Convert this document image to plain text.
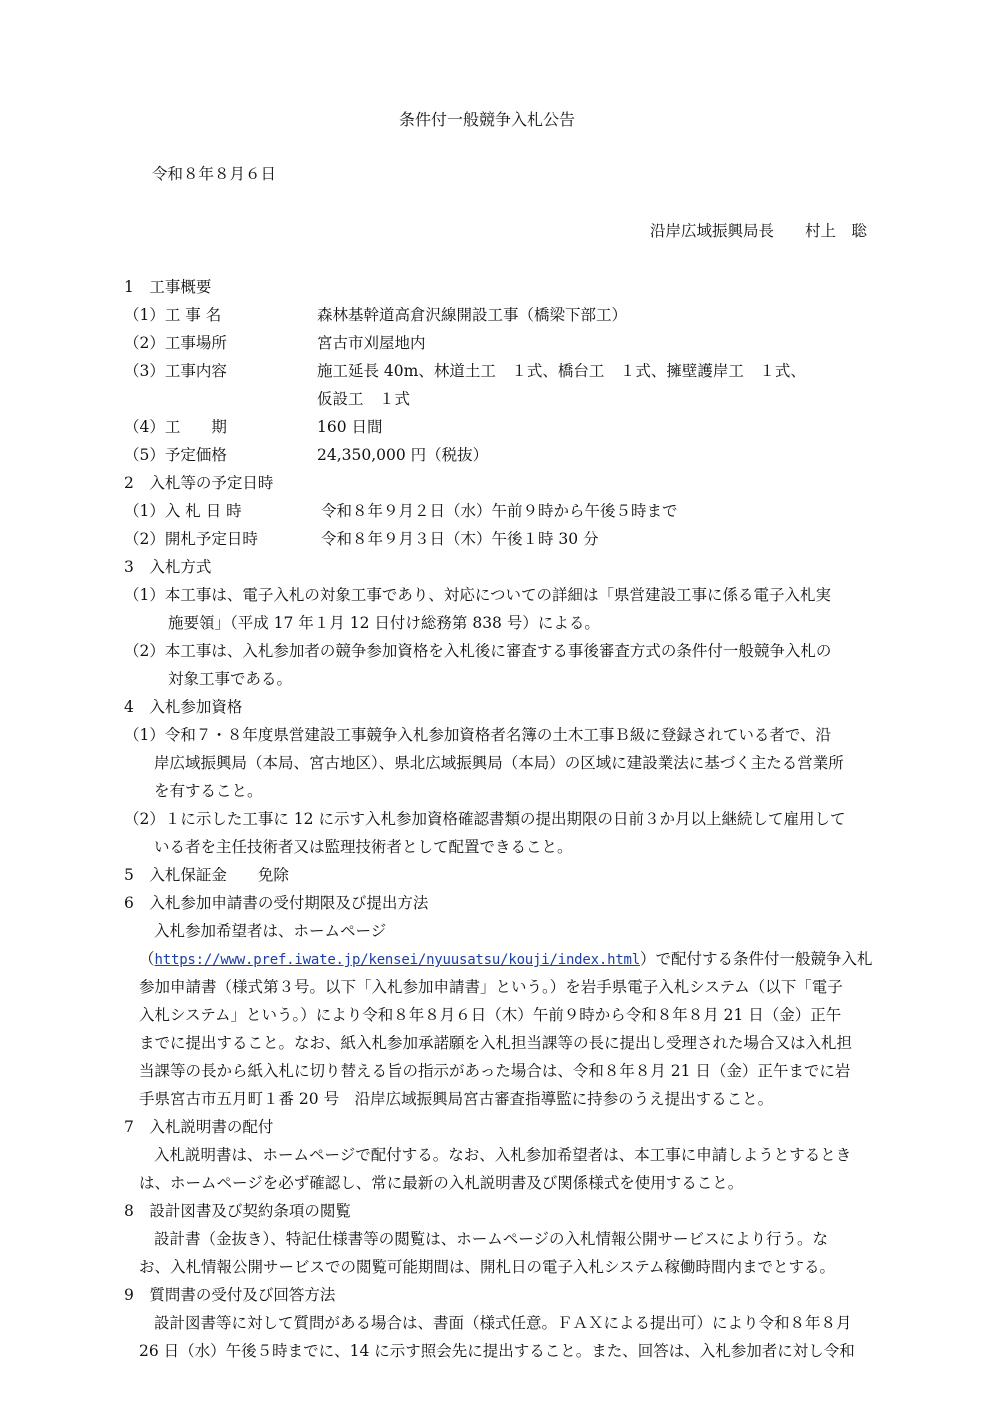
条件付一般競争入札公告
令和８年８月６日
沿岸広域振興局長　　村上　聡
1　工事概要
（1）工 事 名	森林基幹道高倉沢線開設工事（橋梁下部工）
（2）工事場所	宮古市刈屋地内
（3）工事内容	施工延長 40m、林道土工　１式、橋台工　１式、擁壁護岸工　１式、
仮設工　１式
（4）工　　期	160 日間
（5）予定価格	24,350,000 円（税抜）
2　入札等の予定日時
（1）入 札 日 時	令和８年９月２日（水）午前９時から午後５時まで
（2）開札予定日時	令和８年９月３日（木）午後１時 30 分
3　入札方式
（1）本工事は、電子入札の対象工事であり、対応についての詳細は「県営建設工事に係る電子入札実
施要領」（平成 17 年１月 12 日付け総務第 838 号）による。
（2）本工事は、入札参加者の競争参加資格を入札後に審査する事後審査方式の条件付一般競争入札の
対象工事である。
4　入札参加資格
（1）令和７・８年度県営建設工事競争入札参加資格者名簿の土木工事Ｂ級に登録されている者で、沿
岸広域振興局（本局、宮古地区）、県北広域振興局（本局）の区域に建設業法に基づく主たる営業所
を有すること。
（2）１に示した工事に 12 に示す入札参加資格確認書類の提出期限の日前３か月以上継続して雇用して
いる者を主任技術者又は監理技術者として配置できること。
5　入札保証金　　免除
6　入札参加申請書の受付期限及び提出方法
入札参加希望者は、ホームページ
（https://www.pref.iwate.jp/kensei/nyuusatsu/kouji/index.html）で配付する条件付一般競争入札
参加申請書（様式第３号。以下「入札参加申請書」という。）を岩手県電子入札システム（以下「電子
入札システム」という。）により令和８年８月６日（木）午前９時から令和８年８月 21 日（金）正午
までに提出すること。なお、紙入札参加承諾願を入札担当課等の長に提出し受理された場合又は入札担
当課等の長から紙入札に切り替える旨の指示があった場合は、令和８年８月 21 日（金）正午までに岩
手県宮古市五月町１番 20 号　沿岸広域振興局宮古審査指導監に持参のうえ提出すること。
7　入札説明書の配付
入札説明書は、ホームページで配付する。なお、入札参加希望者は、本工事に申請しようとするとき
は、ホームページを必ず確認し、常に最新の入札説明書及び関係様式を使用すること。
8　設計図書及び契約条項の閲覧
設計書（金抜き）、特記仕様書等の閲覧は、ホームページの入札情報公開サービスにより行う。な
お、入札情報公開サービスでの閲覧可能期間は、開札日の電子入札システム稼働時間内までとする。
9　質問書の受付及び回答方法
設計図書等に対して質問がある場合は、書面（様式任意。ＦＡＸによる提出可）により令和８年８月
26 日（水）午後５時までに、14 に示す照会先に提出すること。また、回答は、入札参加者に対し令和
